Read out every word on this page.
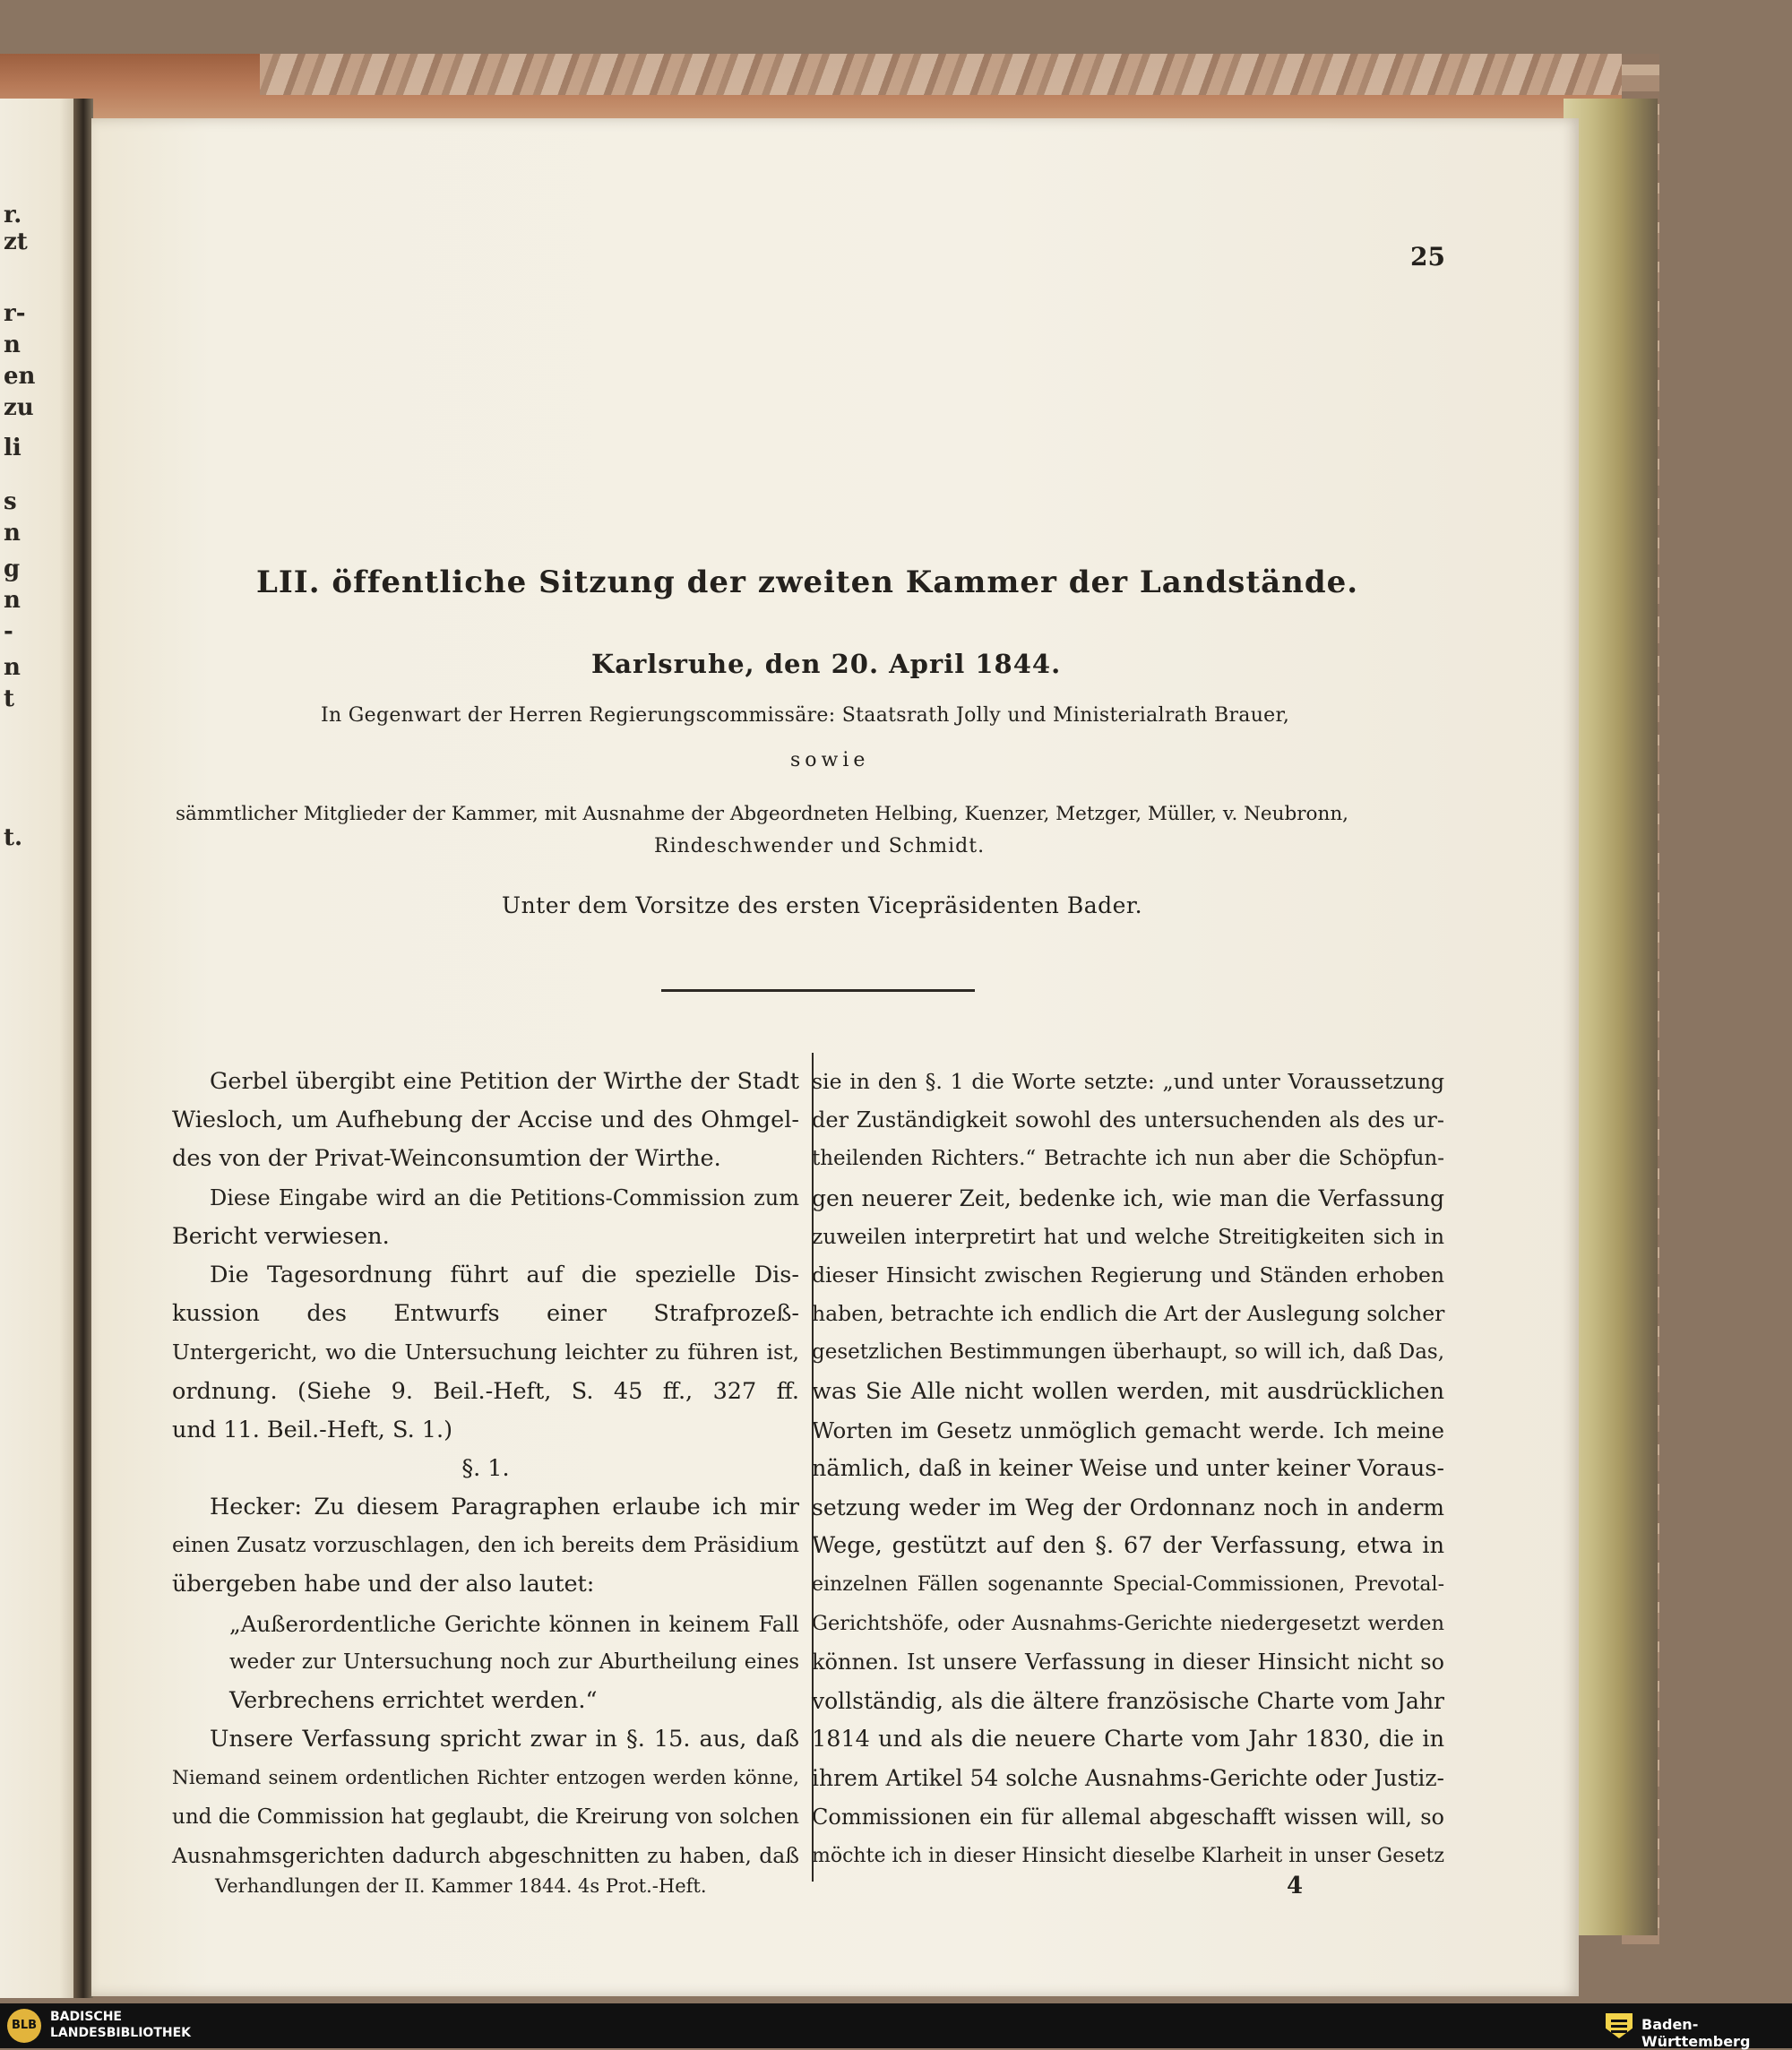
r.
zt
r-
n
en
zu
li
s
n
g
n
-
n
t
t.
25
LII. öffentliche Sitzung der zweiten Kammer der Landstände.
Karlsruhe, den 20. April 1844.
In Gegenwart der Herren Regierungscommissäre: Staatsrath Jolly und Ministerialrath Brauer,
sowie
sämmtlicher Mitglieder der Kammer, mit Ausnahme der Abgeordneten Helbing, Kuenzer, Metzger, Müller, v. Neubronn,
Rindeschwender und Schmidt.
Unter dem Vorsitze des ersten Vicepräsidenten Bader.
Gerbel übergibt eine Petition der Wirthe der Stadt
Wiesloch, um Aufhebung der Accise und des Ohmgel-
des von der Privat-Weinconsumtion der Wirthe.
Diese Eingabe wird an die Petitions-Commission zum
Bericht verwiesen.
Die Tagesordnung führt auf die spezielle Dis-
kussion des Entwurfs einer Strafprozeß-
Untergericht, wo die Untersuchung leichter zu führen ist,
ordnung. (Siehe 9. Beil.-Heft, S. 45 ff., 327 ff.
und 11. Beil.-Heft, S. 1.)
§. 1.
Hecker: Zu diesem Paragraphen erlaube ich mir
einen Zusatz vorzuschlagen, den ich bereits dem Präsidium
übergeben habe und der also lautet:
„Außerordentliche Gerichte können in keinem Fall
weder zur Untersuchung noch zur Aburtheilung eines
Verbrechens errichtet werden.“
Unsere Verfassung spricht zwar in §. 15. aus, daß
Niemand seinem ordentlichen Richter entzogen werden könne,
und die Commission hat geglaubt, die Kreirung von solchen
Ausnahmsgerichten dadurch abgeschnitten zu haben, daß
sie in den §. 1 die Worte setzte: „und unter Voraussetzung
der Zuständigkeit sowohl des untersuchenden als des ur-
theilenden Richters.“ Betrachte ich nun aber die Schöpfun-
gen neuerer Zeit, bedenke ich, wie man die Verfassung
zuweilen interpretirt hat und welche Streitigkeiten sich in
dieser Hinsicht zwischen Regierung und Ständen erhoben
haben, betrachte ich endlich die Art der Auslegung solcher
gesetzlichen Bestimmungen überhaupt, so will ich, daß Das,
was Sie Alle nicht wollen werden, mit ausdrücklichen
Worten im Gesetz unmöglich gemacht werde. Ich meine
nämlich, daß in keiner Weise und unter keiner Voraus-
setzung weder im Weg der Ordonnanz noch in anderm
Wege, gestützt auf den §. 67 der Verfassung, etwa in
einzelnen Fällen sogenannte Special-Commissionen, Prevotal-
Gerichtshöfe, oder Ausnahms-Gerichte niedergesetzt werden
können. Ist unsere Verfassung in dieser Hinsicht nicht so
vollständig, als die ältere französische Charte vom Jahr
1814 und als die neuere Charte vom Jahr 1830, die in
ihrem Artikel 54 solche Ausnahms-Gerichte oder Justiz-
Commissionen ein für allemal abgeschafft wissen will, so
möchte ich in dieser Hinsicht dieselbe Klarheit in unser Gesetz
Verhandlungen der II. Kammer 1844. 4s Prot.-Heft.	4
BLB
BADISCHE
LANDESBIBLIOTHEK	Baden-Württemberg
